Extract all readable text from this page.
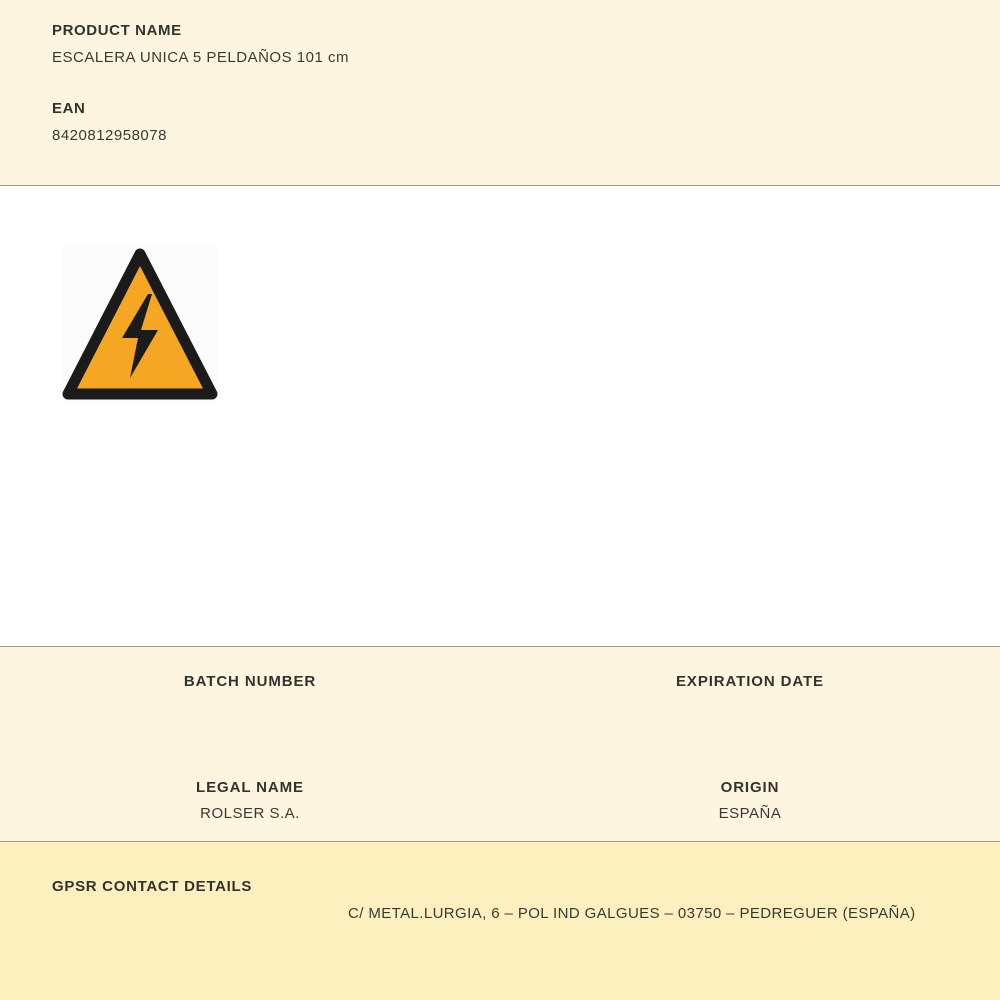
PRODUCT NAME

ESCALERA UNICA 5 PELDAÑOS 101 cm

EAN

8420812958078

BATCH NUMBER	EXPIRATION DATE

LEGAL NAME

ROLSER S.A.

ORIGIN

ESPAÑA

GPSR CONTACT DETAILS
C/ METAL.LURGIA, 6 – POL IND GALGUES – 03750 – PEDREGUER (ESPAÑA)
